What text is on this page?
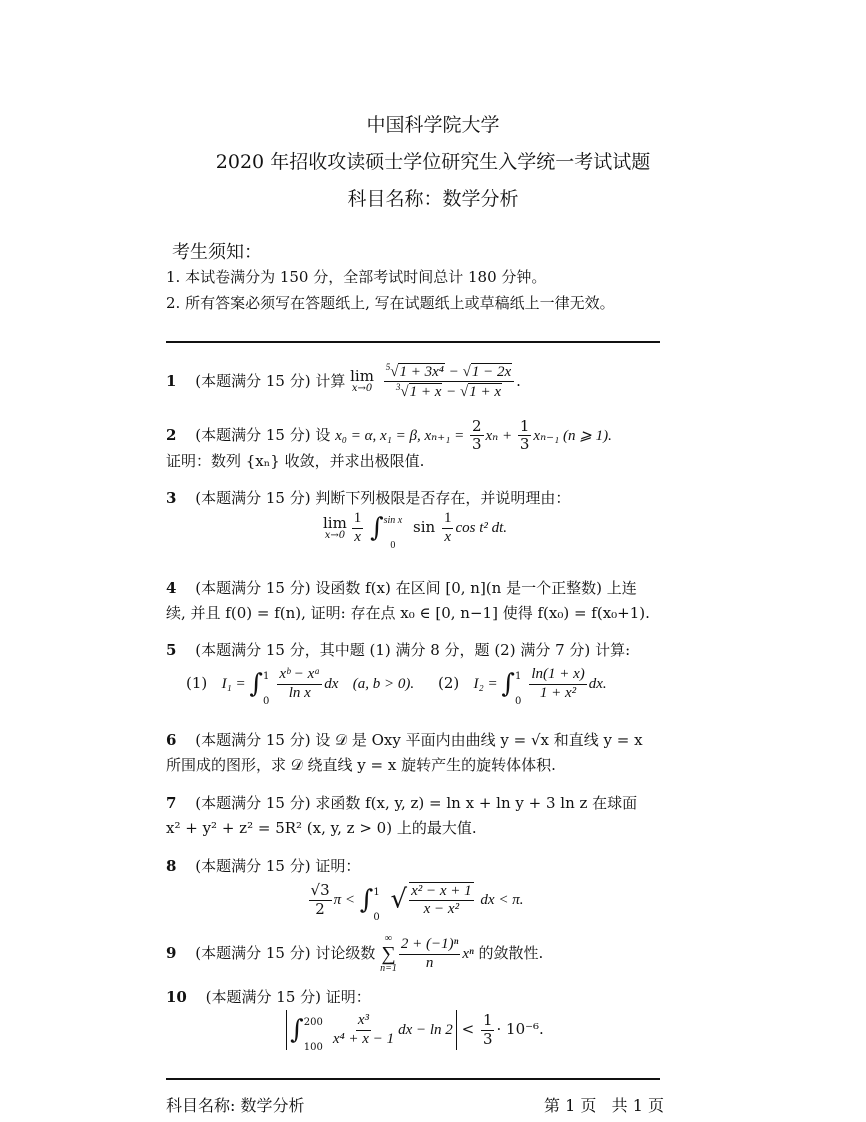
中国科学院大学
2020 年招收攻读硕士学位研究生入学统一考试试题
科目名称：数学分析
考生须知：
1. 本试卷满分为 150 分，全部考试时间总计 180 分钟。
2. 所有答案必须写在答题纸上, 写在试题纸上或草稿纸上一律无效。
1 (本题满分 15 分) 计算 lim
x→0
$\frac{^5√1 + 3x^4 - √1 - 2x}{^3√1 + x - √1 + x}$ .
2 (本题满分 15 分) 设 x₀ = α, x₁ = β, $x_{n+1} = \frac{2}{3}$ $x_n + \frac{1}{3} x_{n-1}$ (n ⩾ 1).
证明：数列 {xₙ} 收敛，并求出极限值.
3 (本题满分 15 分) 判断下列极限是否存在，并说明理由：
lim
$x\to 0 \frac{1}{x}$ ∫ sin x
0
$\sin \frac{1}{x}$ cos t² dt.
4 (本题满分 15 分) 设函数 f(x) 在区间 [0, n](n 是一个正整数) 上连
续, 并且 f(0) = f(n), 证明: 存在点 x₀ ∈ [0, n−1] 使得 f(x₀) = f(x₀+1).
5 (本题满分 15 分，其中题 (1) 满分 8 分，题 (2) 满分 7 分) 计算:
(1) I₁ = ∫ 1
$0 \frac{\text{xᵇ − xᵃ}}{\text{ln x}}$ dx (a, b > 0). (2) I₂ = ∫ 1
$0 \frac{\ln(1 + x)}{\text{1 + x²}}$ dx.
6 (本题满分 15 分) 设 𝒟 是 Oxy 平面内由曲线 y = √x 和直线 y = x
所围成的图形，求 𝒟 绕直线 y = x 旋转产生的旋转体体积.
7 (本题满分 15 分) 求函数 f(x, y, z) = ln x + ln y + 3 ln z 在球面
x² + y² + z² = 5R² (x, y, z > 0) 上的最大值.
8 (本题满分 15 分) 证明：
$\frac{√3}{2}$ π < ∫ 1
0
√ $\frac{\text{x² − x + 1}}{\text{x − x²}}$ dx < π.
9 (本题满分 15 分) 讨论级数
∞
∑
$n=1 \frac{\text{2 + (−1)ⁿ}}{n}$ xⁿ 的敛散性.
10 (本题满分 15 分) 证明：
∫ 200
$100 \frac{\text{x³}}{\text{x⁴ + x − 1}}$ dx − $\ln 2 < \frac{1}{3} \cdot 10^{-6}$.
科目名称: 数学分析	第 1 页   共 1 页
